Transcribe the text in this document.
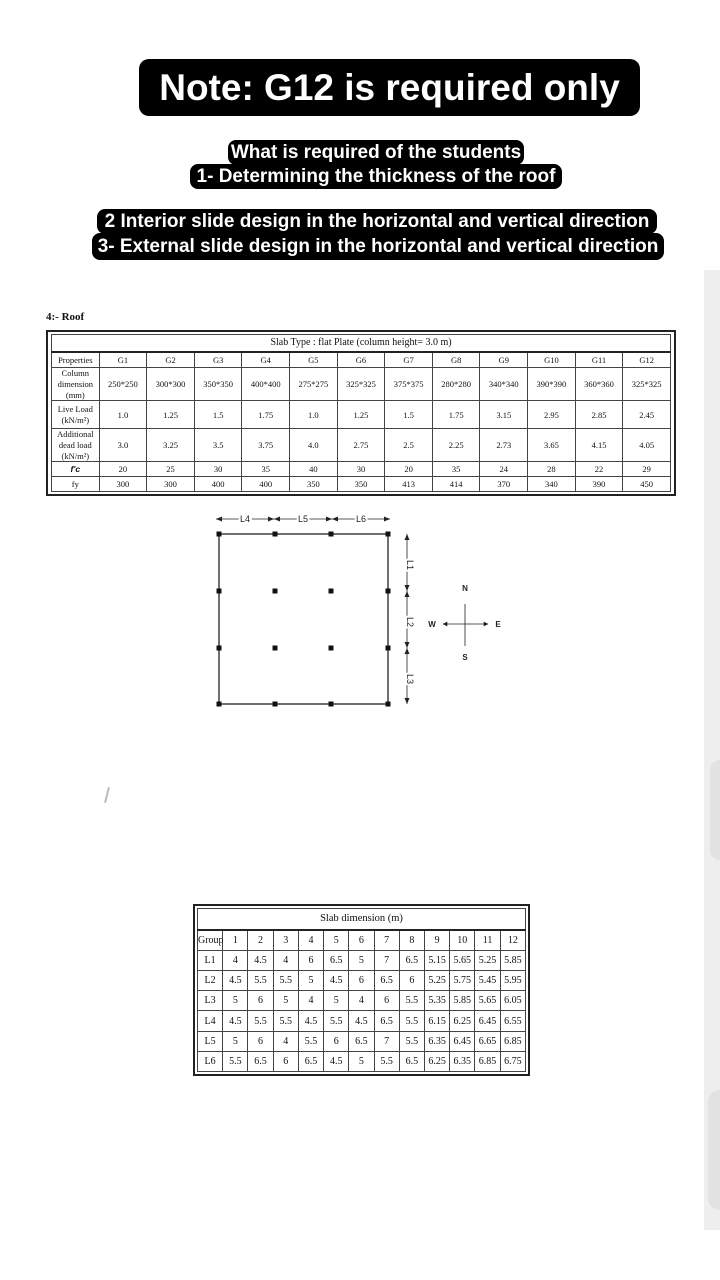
Note: G12 is required only
What is required of the students
1- Determining the thickness of the roof
2 Interior slide design in the horizontal and vertical direction
3- External slide design in the horizontal and vertical direction
4:- Roof
Slab Type : flat Plate (column height= 3.0 m)												
Properties	G1	G2	G3	G4	G5	G6	G7	G8	G9	G10	G11	G12
Column dimension (mm)	250*250	300*300	350*350	400*400	275*275	325*325	375*375	280*280	340*340	390*390	360*360	325*325
Live Load (kN/m²)	1.0	1.25	1.5	1.75	1.0	1.25	1.5	1.75	3.15	2.95	2.85	2.45
Additional dead load (kN/m²)	3.0	3.25	3.5	3.75	4.0	2.75	2.5	2.25	2.73	3.65	4.15	4.05
f'c	20	25	30	35	40	30	20	35	24	28	22	29
fy	300	300	400	400	350	350	413	414	370	340	390	450
L4	L5	L6
L1
L2
L3
N
S
W	E
Slab dimension (m)												
Group	1	2	3	4	5	6	7	8	9	10	11	12
L1	4	4.5	4	6	6.5	5	7	6.5	5.15	5.65	5.25	5.85
L2	4.5	5.5	5.5	5	4.5	6	6.5	6	5.25	5.75	5.45	5.95
L3	5	6	5	4	5	4	6	5.5	5.35	5.85	5.65	6.05
L4	4.5	5.5	5.5	4.5	5.5	4.5	6.5	5.5	6.15	6.25	6.45	6.55
L5	5	6	4	5.5	6	6.5	7	5.5	6.35	6.45	6.65	6.85
L6	5.5	6.5	6	6.5	4.5	5	5.5	6.5	6.25	6.35	6.85	6.75
